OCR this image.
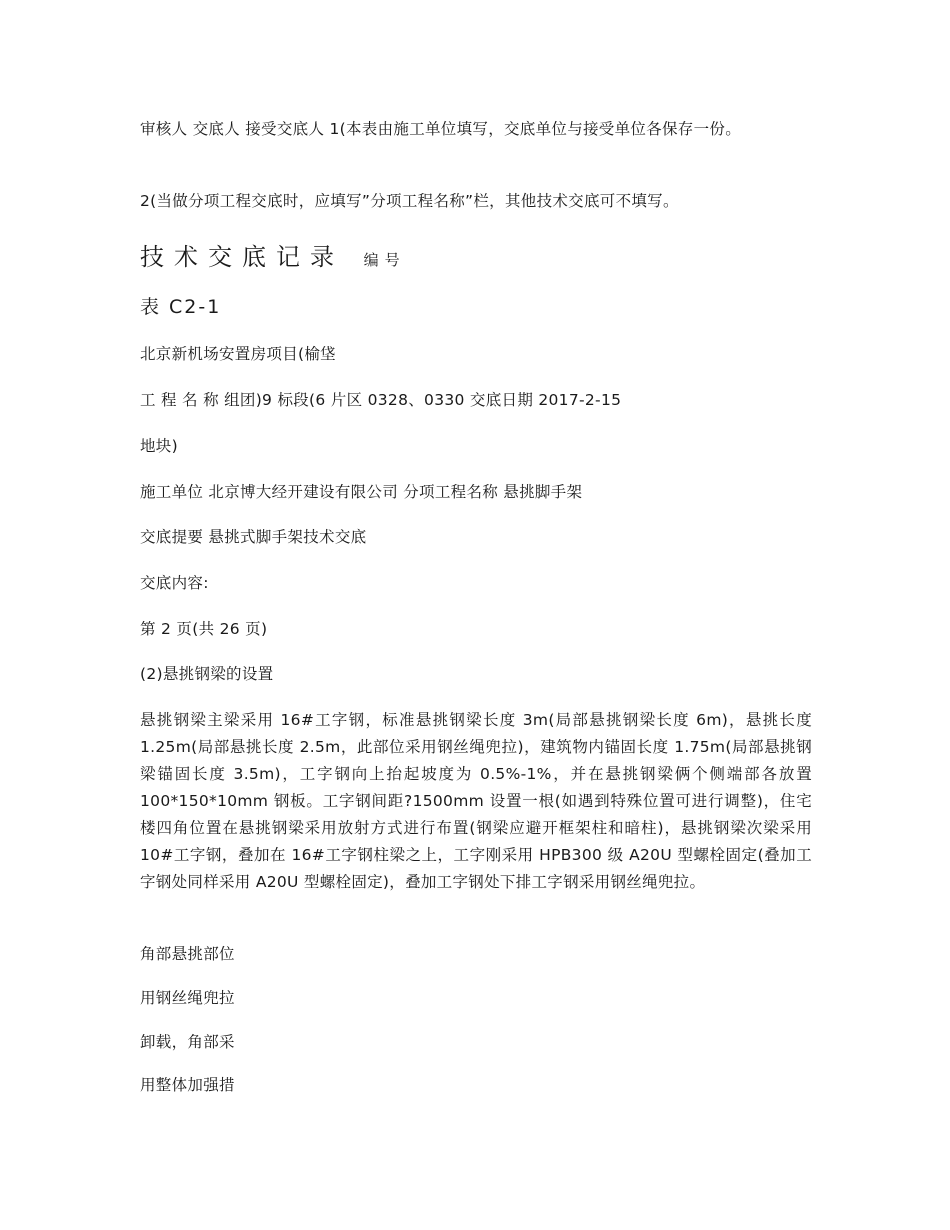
审核人 交底人 接受交底人 1(本表由施工单位填写，交底单位与接受单位各保存一份。
2(当做分项工程交底时，应填写”分项工程名称”栏，其他技术交底可不填写。
技术交底记录 编号
表 C2-1
北京新机场安置房项目(榆垡
工 程 名 称 组团)9 标段(6 片区 0328、0330 交底日期 2017-2-15
地块)
施工单位 北京博大经开建设有限公司 分项工程名称 悬挑脚手架
交底提要 悬挑式脚手架技术交底
交底内容:
第 2 页(共 26 页)
(2)悬挑钢梁的设置
悬挑钢梁主梁采用 16#工字钢，标准悬挑钢梁长度 3m(局部悬挑钢梁长度 6m)，悬挑长度 1.25m(局部悬挑长度 2.5m，此部位采用钢丝绳兜拉)，建筑物内锚固长度 1.75m(局部悬挑钢梁锚固长度 3.5m)，工字钢向上抬起坡度为 0.5%-1%，并在悬挑钢梁俩个侧端部各放置 100*150*10mm 钢板。工字钢间距?1500mm 设置一根(如遇到特殊位置可进行调整)，住宅楼四角位置在悬挑钢梁采用放射方式进行布置(钢梁应避开框架柱和暗柱)，悬挑钢梁次梁采用 10#工字钢，叠加在 16#工字钢柱梁之上，工字刚采用 HPB300 级 A20U 型螺栓固定(叠加工字钢处同样采用 A20U 型螺栓固定)，叠加工字钢处下排工字钢采用钢丝绳兜拉。
角部悬挑部位
用钢丝绳兜拉
卸载，角部采
用整体加强措
